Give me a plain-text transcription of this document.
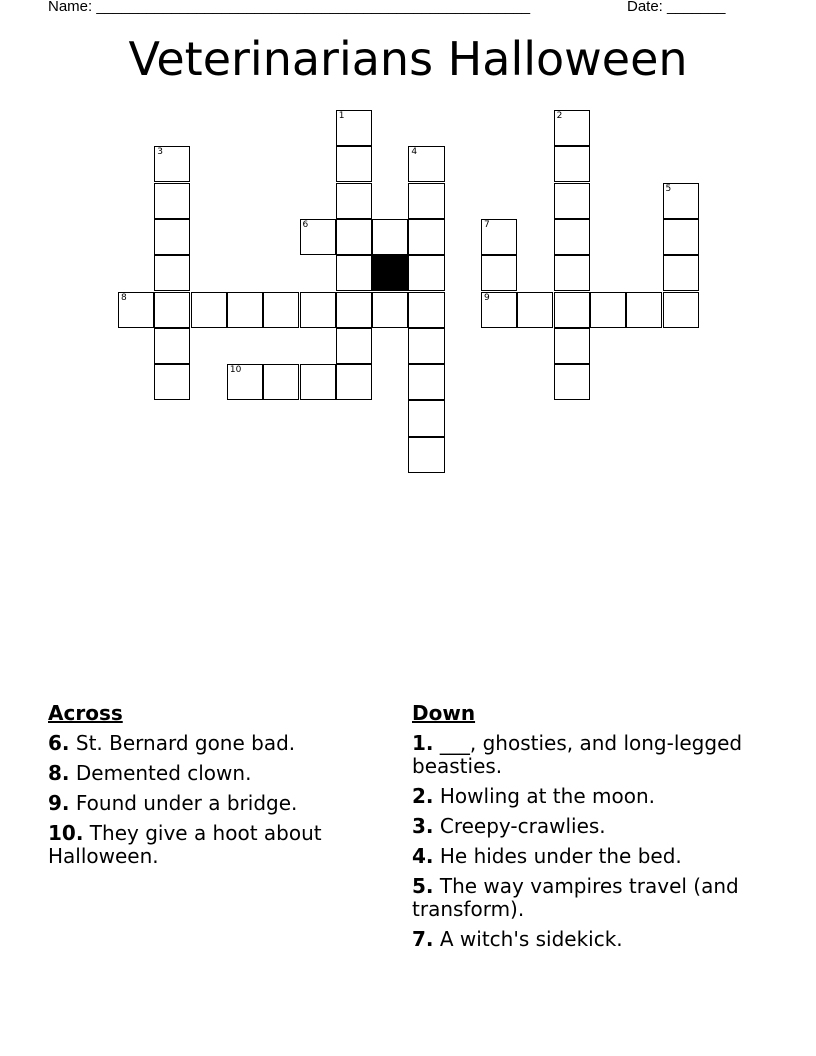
Name: ____________________________________________________	Date: _______
Veterinarians Halloween
1	2
3	4
5
6	7
8	9
10
Across
6. St. Bernard gone bad.
8. Demented clown.
9. Found under a bridge.
10. They give a hoot about Halloween.
Down
1. ___, ghosties, and long-legged beasties.
2. Howling at the moon.
3. Creepy-crawlies.
4. He hides under the bed.
5. The way vampires travel (and transform).
7. A witch's sidekick.
